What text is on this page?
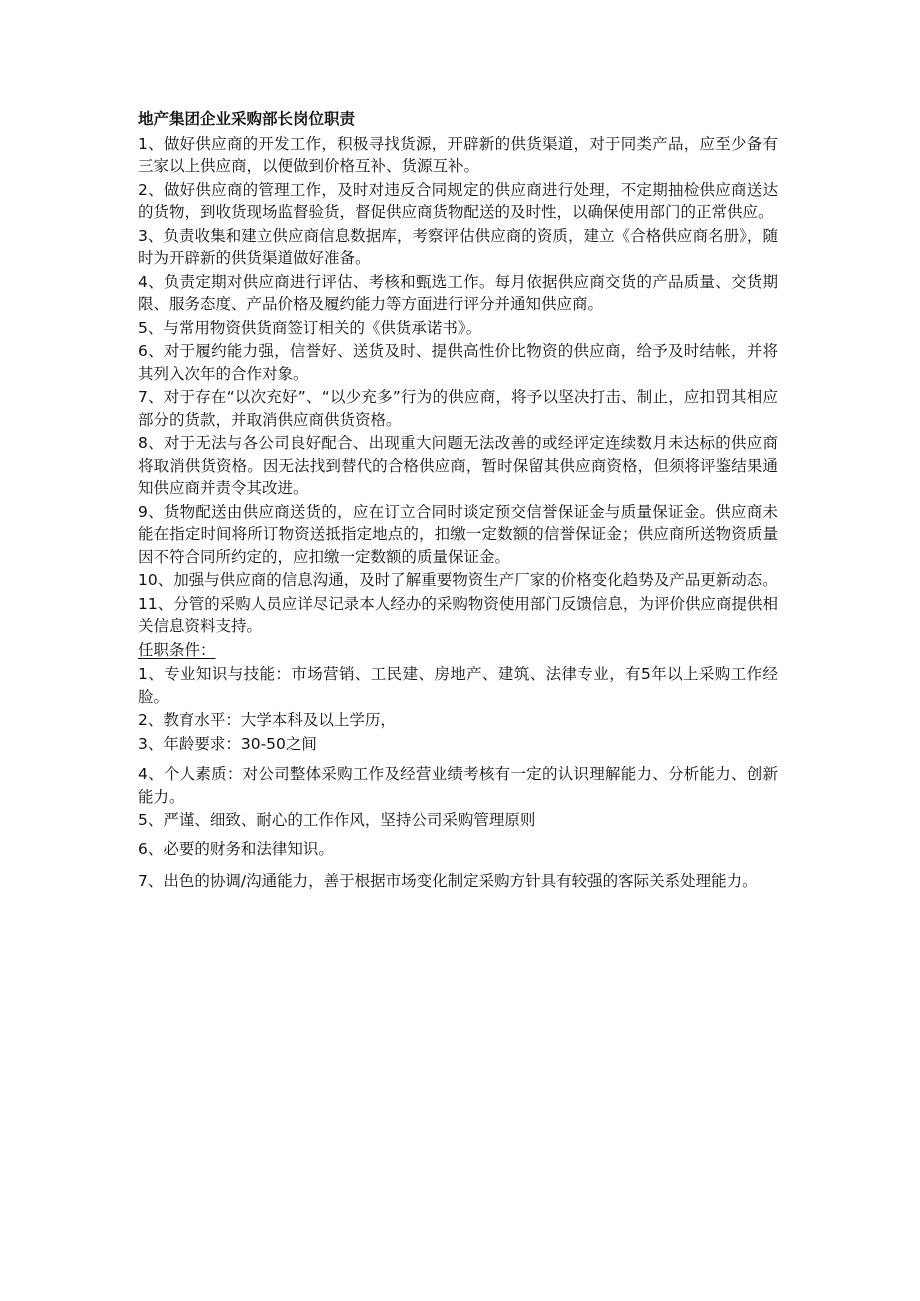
地产集团企业采购部长岗位职责

1、做好供应商的开发工作，积极寻找货源，开辟新的供货渠道，对于同类产品，应至少备有三家以上供应商，以便做到价格互补、货源互补。

2、做好供应商的管理工作，及时对违反合同规定的供应商进行处理，不定期抽检供应商送达的货物，到收货现场监督验货，督促供应商货物配送的及时性，以确保使用部门的正常供应。

3、负责收集和建立供应商信息数据库，考察评估供应商的资质，建立《合格供应商名册》，随时为开辟新的供货渠道做好准备。

4、负责定期对供应商进行评估、考核和甄选工作。每月依据供应商交货的产品质量、交货期限、服务态度、产品价格及履约能力等方面进行评分并通知供应商。

5、与常用物资供货商签订相关的《供货承诺书》。

6、对于履约能力强，信誉好、送货及时、提供高性价比物资的供应商，给予及时结帐，并将其列入次年的合作对象。

7、对于存在“以次充好”、“以少充多”行为的供应商，将予以坚决打击、制止，应扣罚其相应部分的货款，并取消供应商供货资格。

8、对于无法与各公司良好配合、出现重大问题无法改善的或经评定连续数月未达标的供应商将取消供货资格。因无法找到替代的合格供应商，暂时保留其供应商资格，但须将评鉴结果通知供应商并责令其改进。

9、货物配送由供应商送货的，应在订立合同时谈定预交信誉保证金与质量保证金。供应商未能在指定时间将所订物资送抵指定地点的，扣缴一定数额的信誉保证金；供应商所送物资质量因不符合同所约定的，应扣缴一定数额的质量保证金。

10、加强与供应商的信息沟通，及时了解重要物资生产厂家的价格变化趋势及产品更新动态。

11、分管的采购人员应详尽记录本人经办的采购物资使用部门反馈信息，为评价供应商提供相关信息资料支持。

任职条件：

1、专业知识与技能：市场营销、工民建、房地产、建筑、法律专业，有5年以上采购工作经脸。

2、教育水平：大学本科及以上学历，

3、年龄要求：30-50之间

4、个人素质：对公司整体采购工作及经营业绩考核有一定的认识理解能力、分析能力、创新能力。

5、严谨、细致、耐心的工作作风，坚持公司采购管理原则

6、必要的财务和法律知识。

7、出色的协调/沟通能力，善于根据市场变化制定采购方针具有较强的客际关系处理能力。
